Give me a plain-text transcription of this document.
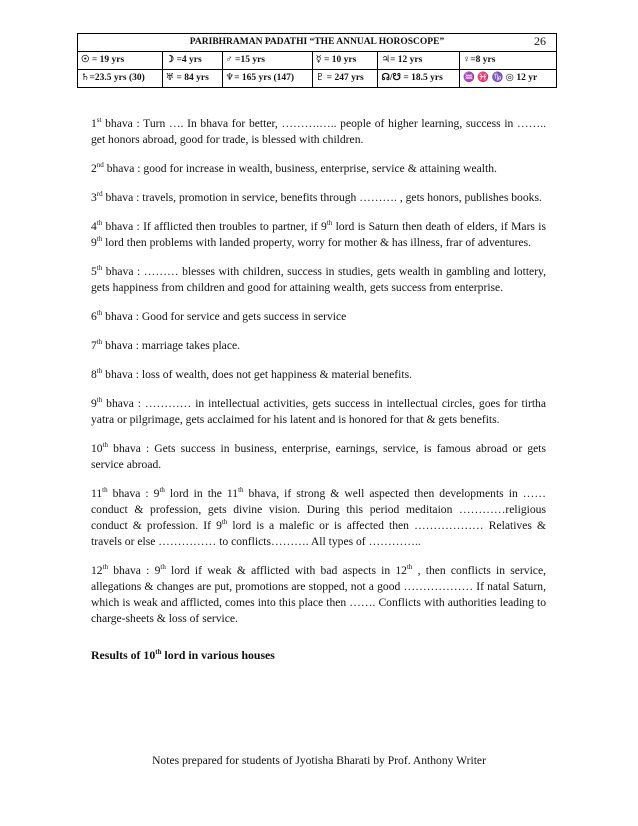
PARIBHRAMAN PADATHI “THE ANNUAL HOROSCOPE” 26					

☉ = 19 yrs	☽ =4 yrs	♂ =15 yrs	☿ = 10 yrs	♃= 12 yrs	♀=8 yrs
♄=23.5 yrs (30)	♅ = 84 yrs	♆= 165 yrs (147)	♇ = 247 yrs	☊/☋ = 18.5 yrs	♒ ♓ ♑ ◎ 12 yr

1st bhava : Turn …. In bhava for better, ……….….. people of higher learning, success in …….. get honors abroad, good for trade, is blessed with children.

2nd bhava : good for increase in wealth, business, enterprise, service & attaining wealth.

3rd bhava : travels, promotion in service, benefits through ………. , gets honors, publishes books.

4th bhava : If afflicted then troubles to partner, if 9th lord is Saturn then death of elders, if Mars is 9th lord then problems with landed property, worry for mother & has illness, frar of adventures.

5th bhava : ……… blesses with children, success in studies, gets wealth in gambling and lottery, gets happiness from children and good for attaining wealth, gets success from enterprise.

6th bhava : Good for service and gets success in service

7th bhava : marriage takes place.

8th bhava : loss of wealth, does not get happiness & material benefits.

9th bhava : ………… in intellectual activities, gets success in intellectual circles, goes for tirtha yatra or pilgrimage, gets acclaimed for his latent and is honored for that & gets benefits.

10th bhava : Gets success in business, enterprise, earnings, service, is famous abroad or gets service abroad.

11th bhava : 9th lord in the 11th bhava, if strong & well aspected then developments in …… conduct & profession, gets divine vision. During this period meditaion …………religious conduct & profession. If 9th lord is a malefic or is affected then ……………… Relatives & travels or else …………… to conflicts………. All types of …………..

12th bhava : 9th lord if weak & afflicted with bad aspects in 12th , then conflicts in service, allegations & changes are put, promotions are stopped, not a good ……………… If natal Saturn, which is weak and afflicted, comes into this place then ……. Conflicts with authorities leading to charge-sheets & loss of service.

Results of 10th lord in various houses
Notes prepared for students of Jyotisha Bharati by Prof. Anthony Writer
